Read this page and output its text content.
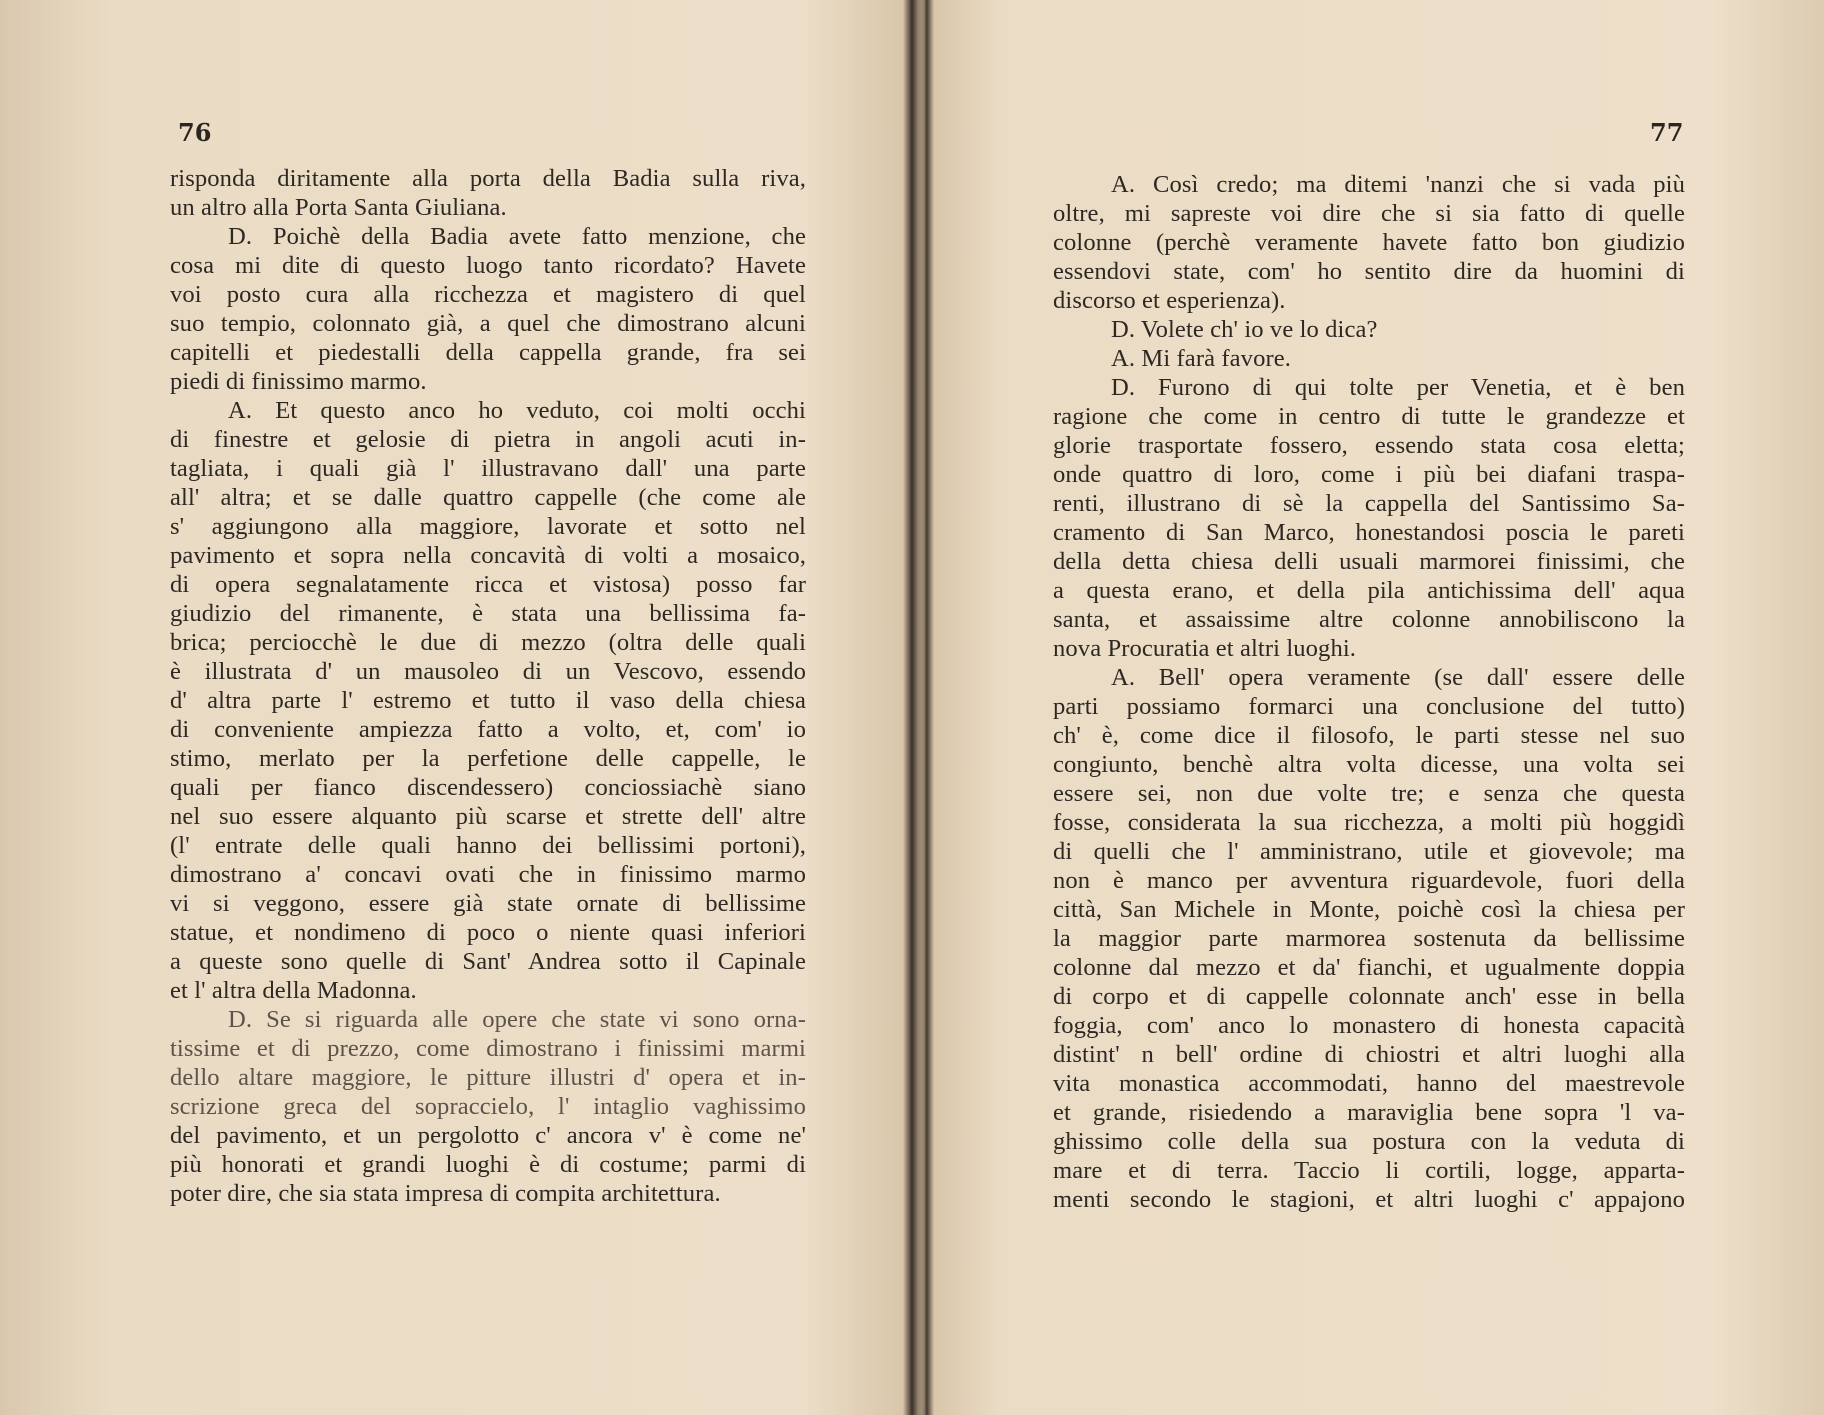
76
risponda diritamente alla porta della Badia sulla riva,
un altro alla Porta Santa Giuliana.
D. Poichè della Badia avete fatto menzione, che
cosa mi dite di questo luogo tanto ricordato? Havete
voi posto cura alla ricchezza et magistero di quel
suo tempio, colonnato già, a quel che dimostrano alcuni
capitelli et piedestalli della cappella grande, fra sei
piedi di finissimo marmo.
A. Et questo anco ho veduto, coi molti occhi
di finestre et gelosie di pietra in angoli acuti in-
tagliata, i quali già l' illustravano dall' una parte
all' altra; et se dalle quattro cappelle (che come ale
s' aggiungono alla maggiore, lavorate et sotto nel
pavimento et sopra nella concavità di volti a mosaico,
di opera segnalatamente ricca et vistosa) posso far
giudizio del rimanente, è stata una bellissima fa-
brica; perciocchè le due di mezzo (oltra delle quali
è illustrata d' un mausoleo di un Vescovo, essendo
d' altra parte l' estremo et tutto il vaso della chiesa
di conveniente ampiezza fatto a volto, et, com' io
stimo, merlato per la perfetione delle cappelle, le
quali per fianco discendessero) conciossiachè siano
nel suo essere alquanto più scarse et strette dell' altre
(l' entrate delle quali hanno dei bellissimi portoni),
dimostrano a' concavi ovati che in finissimo marmo
vi si veggono, essere già state ornate di bellissime
statue, et nondimeno di poco o niente quasi inferiori
a queste sono quelle di Sant' Andrea sotto il Capinale
et l' altra della Madonna.
D. Se si riguarda alle opere che state vi sono orna-
tissime et di prezzo, come dimostrano i finissimi marmi
dello altare maggiore, le pitture illustri d' opera et in-
scrizione greca del sopraccielo, l' intaglio vaghissimo
del pavimento, et un pergolotto c' ancora v' è come ne'
più honorati et grandi luoghi è di costume; parmi di
poter dire, che sia stata impresa di compita architettura.
77
A. Così credo; ma ditemi 'nanzi che si vada più
oltre, mi sapreste voi dire che si sia fatto di quelle
colonne (perchè veramente havete fatto bon giudizio
essendovi state, com' ho sentito dire da huomini di
discorso et esperienza).
D. Volete ch' io ve lo dica?
A. Mi farà favore.
D. Furono di qui tolte per Venetia, et è ben
ragione che come in centro di tutte le grandezze et
glorie trasportate fossero, essendo stata cosa eletta;
onde quattro di loro, come i più bei diafani traspa-
renti, illustrano di sè la cappella del Santissimo Sa-
cramento di San Marco, honestandosi poscia le pareti
della detta chiesa delli usuali marmorei finissimi, che
a questa erano, et della pila antichissima dell' aqua
santa, et assaissime altre colonne annobiliscono la
nova Procuratia et altri luoghi.
A. Bell' opera veramente (se dall' essere delle
parti possiamo formarci una conclusione del tutto)
ch' è, come dice il filosofo, le parti stesse nel suo
congiunto, benchè altra volta dicesse, una volta sei
essere sei, non due volte tre; e senza che questa
fosse, considerata la sua ricchezza, a molti più hoggidì
di quelli che l' amministrano, utile et giovevole; ma
non è manco per avventura riguardevole, fuori della
città, San Michele in Monte, poichè così la chiesa per
la maggior parte marmorea sostenuta da bellissime
colonne dal mezzo et da' fianchi, et ugualmente doppia
di corpo et di cappelle colonnate anch' esse in bella
foggia, com' anco lo monastero di honesta capacità
distint' n bell' ordine di chiostri et altri luoghi alla
vita monastica accommodati, hanno del maestrevole
et grande, risiedendo a maraviglia bene sopra 'l va-
ghissimo colle della sua postura con la veduta di
mare et di terra. Taccio li cortili, logge, apparta-
menti secondo le stagioni, et altri luoghi c' appajono
